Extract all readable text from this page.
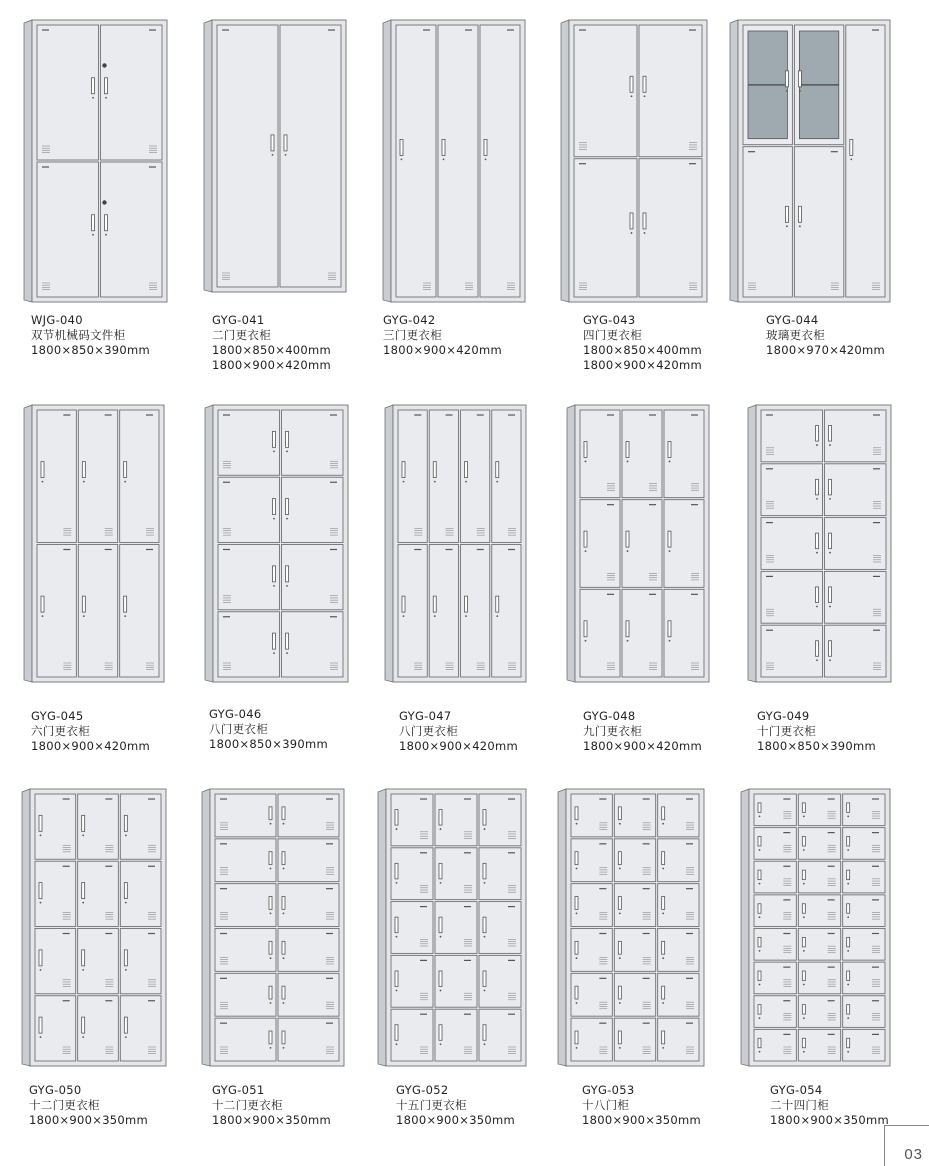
WJG-040
双节机械码文件柜
1800×850×390mm
GYG-041
二门更衣柜
1800×850×400mm
1800×900×420mm
GYG-042
三门更衣柜
1800×900×420mm
GYG-043
四门更衣柜
1800×850×400mm
1800×900×420mm
GYG-044
玻璃更衣柜
1800×970×420mm
GYG-045
六门更衣柜
1800×900×420mm
GYG-046
八门更衣柜
1800×850×390mm
GYG-047
八门更衣柜
1800×900×420mm
GYG-048
九门更衣柜
1800×900×420mm
GYG-049
十门更衣柜
1800×850×390mm
GYG-050
十二门更衣柜
1800×900×350mm
GYG-051
十二门更衣柜
1800×900×350mm
GYG-052
十五门更衣柜
1800×900×350mm
GYG-053
十八门柜
1800×900×350mm
GYG-054
二十四门柜
1800×900×350mm
03
